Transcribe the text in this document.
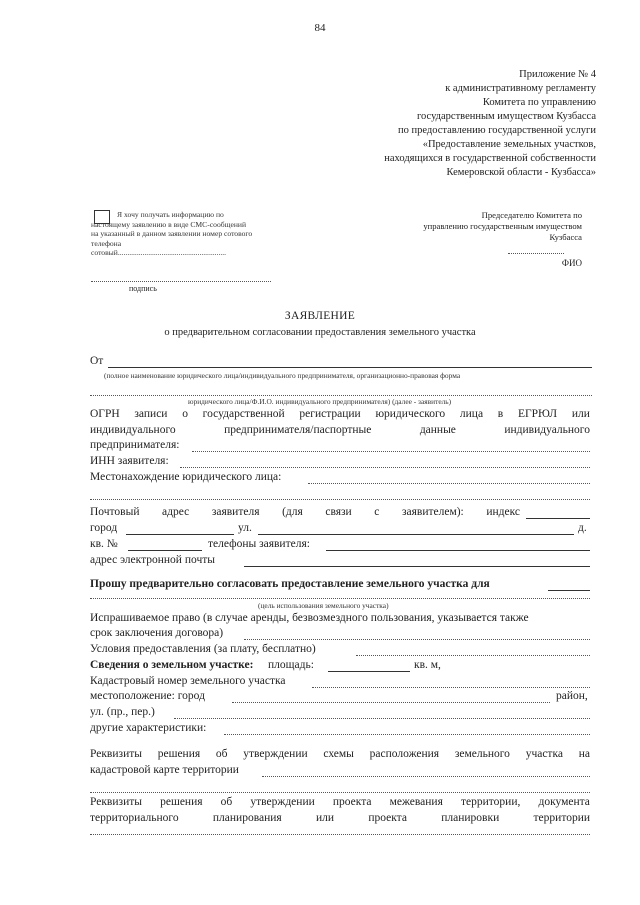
84
Приложение № 4
к административному регламенту
Комитета по управлению
государственным имуществом Кузбасса
по предоставлению государственной услуги
«Предоставление земельных участков,
находящихся в государственной собственности
Кемеровской области - Кузбасса»
Я хочу получать информацию по
настоящему заявлению в виде СМС-сообщений
на указанный в данном заявлении номер сотового
телефона
сотовый.........................................................
Председателю Комитета по
управлению государственным имуществом
Кузбасса
ФИО
подпись
ЗАЯВЛЕНИЕ
о предварительном согласовании предоставления земельного участка
От
(полное наименование юридического лица/индивидуального предпринимателя, организационно-правовая форма
юридического лица/Ф.И.О. индивидуального предпринимателя) (далее - заявитель)
ОГРН записи о государственной регистрации юридического лица в ЕГРЮЛ или
индивидуального	предпринимателя/паспортные	данные	индивидуального
предпринимателя:
ИНН заявителя:
Местонахождение юридического лица:
Почтовый адрес заявителя (для связи с заявителем): индекс
город	ул.	д.
кв. №	телефоны заявителя:
адрес электронной почты
Прошу предварительно согласовать предоставление земельного участка для
(цель использования земельного участка)
Испрашиваемое право (в случае аренды, безвозмездного пользования, указывается также
срок заключения договора)
Условия предоставления (за плату, бесплатно)
Сведения о земельном участке: площадь:	кв. м,
Кадастровый номер земельного участка
местоположение: город	район,
ул. (пр., пер.)
другие характеристики:
Реквизиты решения об утверждении схемы расположения земельного участка на
кадастровой карте территории
Реквизиты решения об утверждении проекта межевания территории, документа
территориального	планирования	или	проекта	планировки	территории
